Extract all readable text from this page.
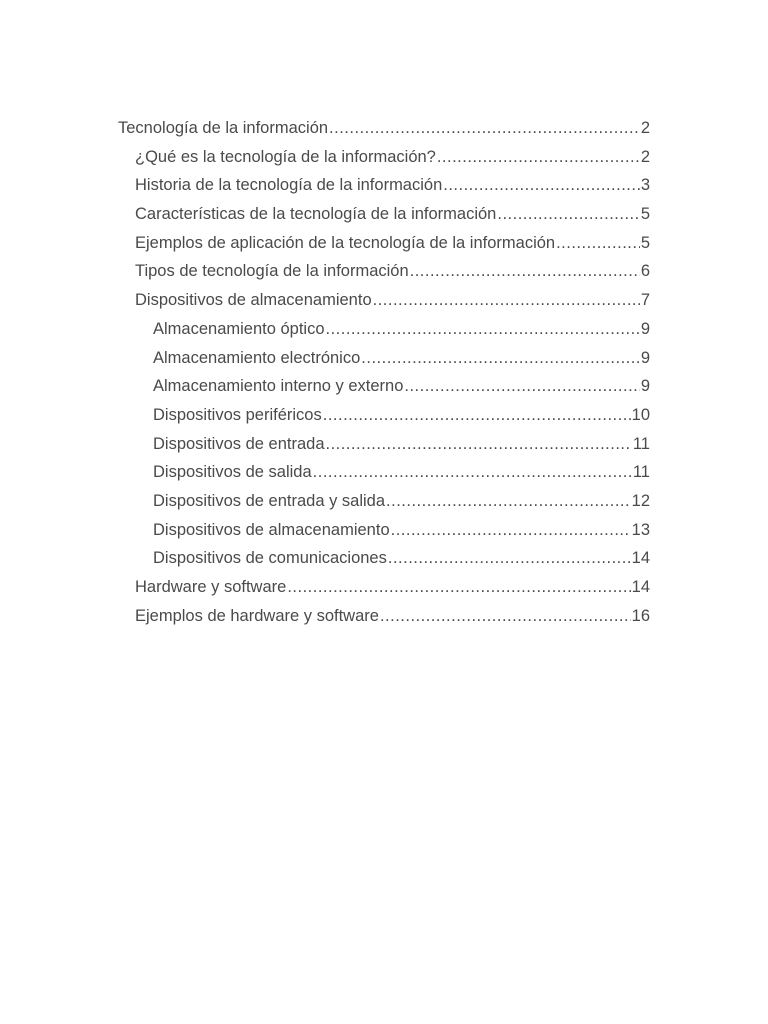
Tecnología de la información .....	2
¿Qué es la tecnología de la información? .....	2
Historia de la tecnología de la información .....	3
Características de la tecnología de la información .....	5
Ejemplos de aplicación de la tecnología de la información .....	5
Tipos de tecnología de la información .....	6
Dispositivos de almacenamiento .....	7
Almacenamiento óptico .....	9
Almacenamiento electrónico .....	9
Almacenamiento interno y externo .....	9
Dispositivos periféricos .....	10
Dispositivos de entrada .....	11
Dispositivos de salida .....	11
Dispositivos de entrada y salida .....	12
Dispositivos de almacenamiento .....	13
Dispositivos de comunicaciones .....	14
Hardware y software .....	14
Ejemplos de hardware y software .....	16
